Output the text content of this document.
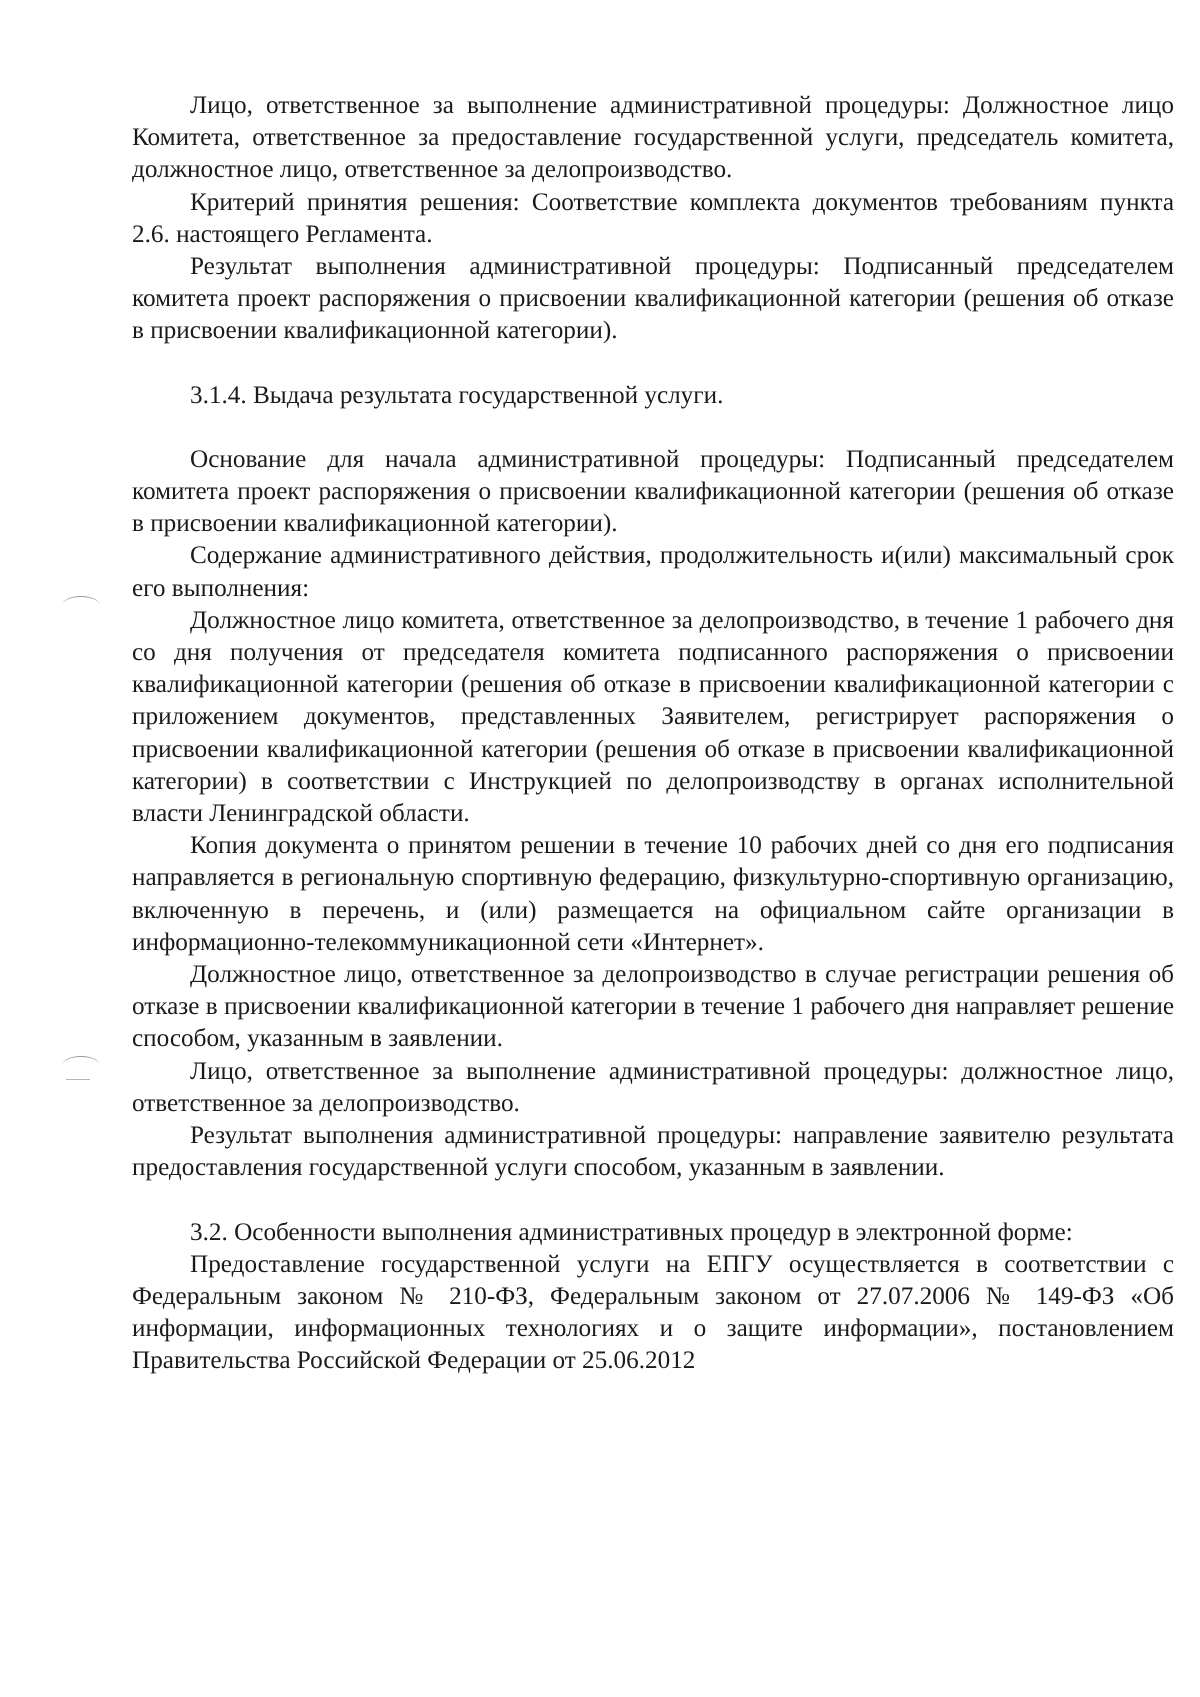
Лицо, ответственное за выполнение административной процедуры: Должностное лицо Комитета, ответственное за предоставление государственной услуги, председатель комитета, должностное лицо, ответственное за делопроизводство.

Критерий принятия решения: Соответствие комплекта документов требованиям пункта 2.6. настоящего Регламента.

Результат выполнения административной процедуры: Подписанный председателем комитета проект распоряжения о присвоении квалификационной категории (решения об отказе в присвоении квалификационной категории).

3.1.4. Выдача результата государственной услуги.

Основание для начала административной процедуры: Подписанный председателем комитета проект распоряжения о присвоении квалификационной категории (решения об отказе в присвоении квалификационной категории).

Содержание административного действия, продолжительность и(или) максимальный срок его выполнения:

Должностное лицо комитета, ответственное за делопроизводство, в течение 1 рабочего дня со дня получения от председателя комитета подписанного распоряжения о присвоении квалификационной категории (решения об отказе в присвоении квалификационной категории с приложением документов, представленных Заявителем, регистрирует распоряжения о присвоении квалификационной категории (решения об отказе в присвоении квалификационной категории) в соответствии с Инструкцией по делопроизводству в органах исполнительной власти Ленинградской области.

Копия документа о принятом решении в течение 10 рабочих дней со дня его подписания направляется в региональную спортивную федерацию, физкультурно-спортивную организацию, включенную в перечень, и (или) размещается на официальном сайте организации в информационно-телекоммуникационной сети «Интернет».

Должностное лицо, ответственное за делопроизводство в случае регистрации решения об отказе в присвоении квалификационной категории в течение 1 рабочего дня направляет решение способом, указанным в заявлении.

Лицо, ответственное за выполнение административной процедуры: должностное лицо, ответственное за делопроизводство.

Результат выполнения административной процедуры: направление заявителю результата предоставления государственной услуги способом, указанным в заявлении.

3.2. Особенности выполнения административных процедур в электронной форме:

Предоставление государственной услуги на ЕПГУ осуществляется в соответствии с Федеральным законом № 210-ФЗ, Федеральным законом от 27.07.2006 № 149-ФЗ «Об информации, информационных технологиях и о защите информации», постановлением Правительства Российской Федерации от 25.06.2012
